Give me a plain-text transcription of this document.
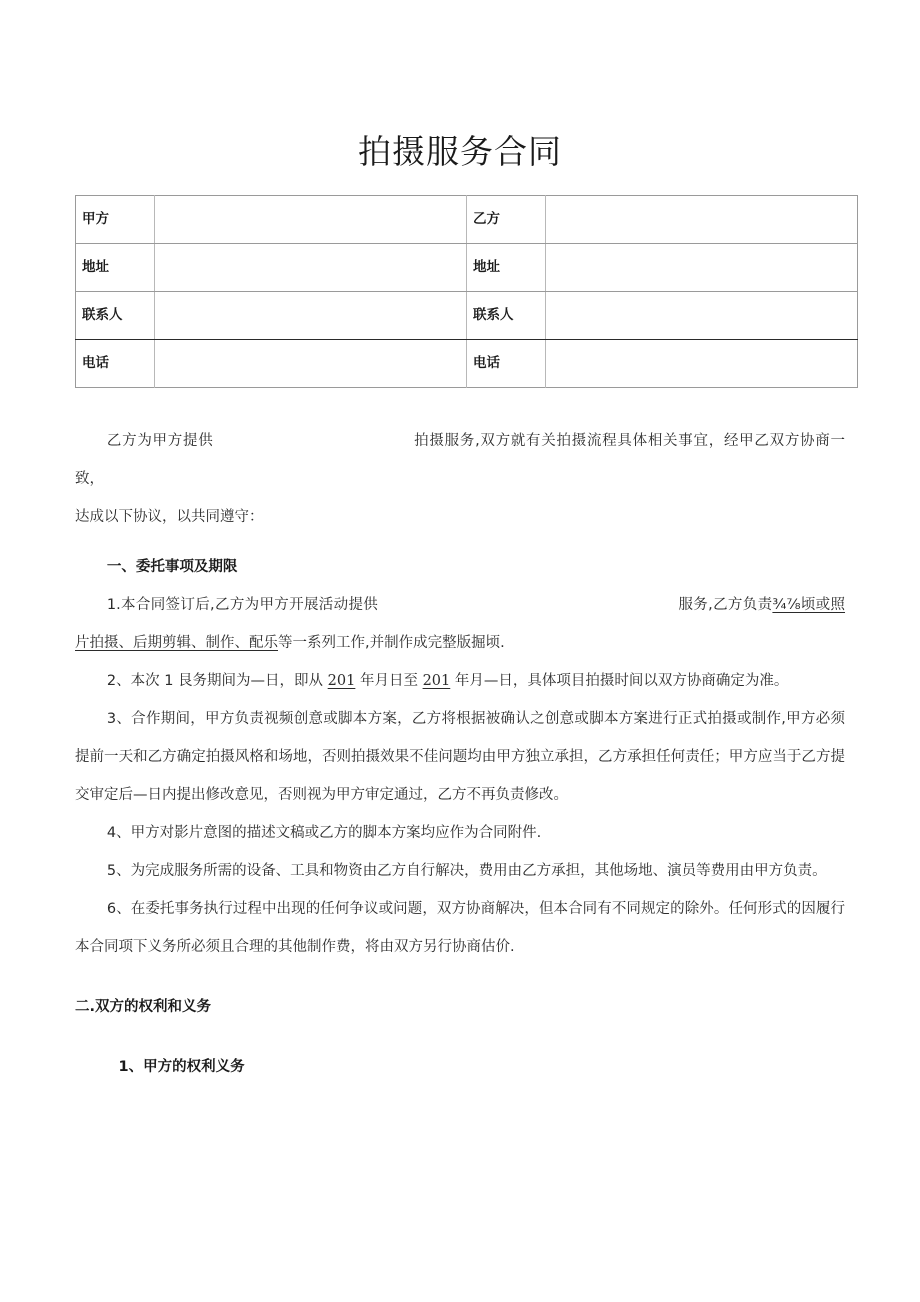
拍摄服务合同
甲方		乙方	
地址		地址	
联系人		联系人	
电话		电话	

乙方为甲方提供	拍摄服务,双方就有关拍摄流程具体相关事宜，经甲乙双方协商一致，

达成以下协议，以共同遵守：

一、委托事项及期限

1.本合同签订后,乙方为甲方开展活动提供	服务,乙方负责¾⅞顷或照片拍摄、后期剪辑、制作、配乐等一系列工作,并制作成完整版掘顷.

2、本次 1 艮务期间为—日，即从 201 年月日至 201 年月—日，具体项目拍摄时间以双方协商确定为准。

3、合作期间，甲方负责视频创意或脚本方案，乙方将根据被确认之创意或脚本方案进行正式拍摄或制作,甲方必须提前一天和乙方确定拍摄风格和场地，否则拍摄效果不佳问题均由甲方独立承担，乙方承担任何责任；甲方应当于乙方提交审定后—日内提出修改意见，否则视为甲方审定通过，乙方不再负责修改。

4、甲方对影片意图的描述文稿或乙方的脚本方案均应作为合同附件.

5、为完成服务所需的设备、工具和物资由乙方自行解决，费用由乙方承担，其他场地、演员等费用由甲方负责。

6、在委托事务执行过程中出现的任何争议或问题，双方协商解决，但本合同有不同规定的除外。任何形式的因履行本合同项下义务所必须且合理的其他制作费，将由双方另行协商估价.

二.双方的权利和义务

1、甲方的权利义务
